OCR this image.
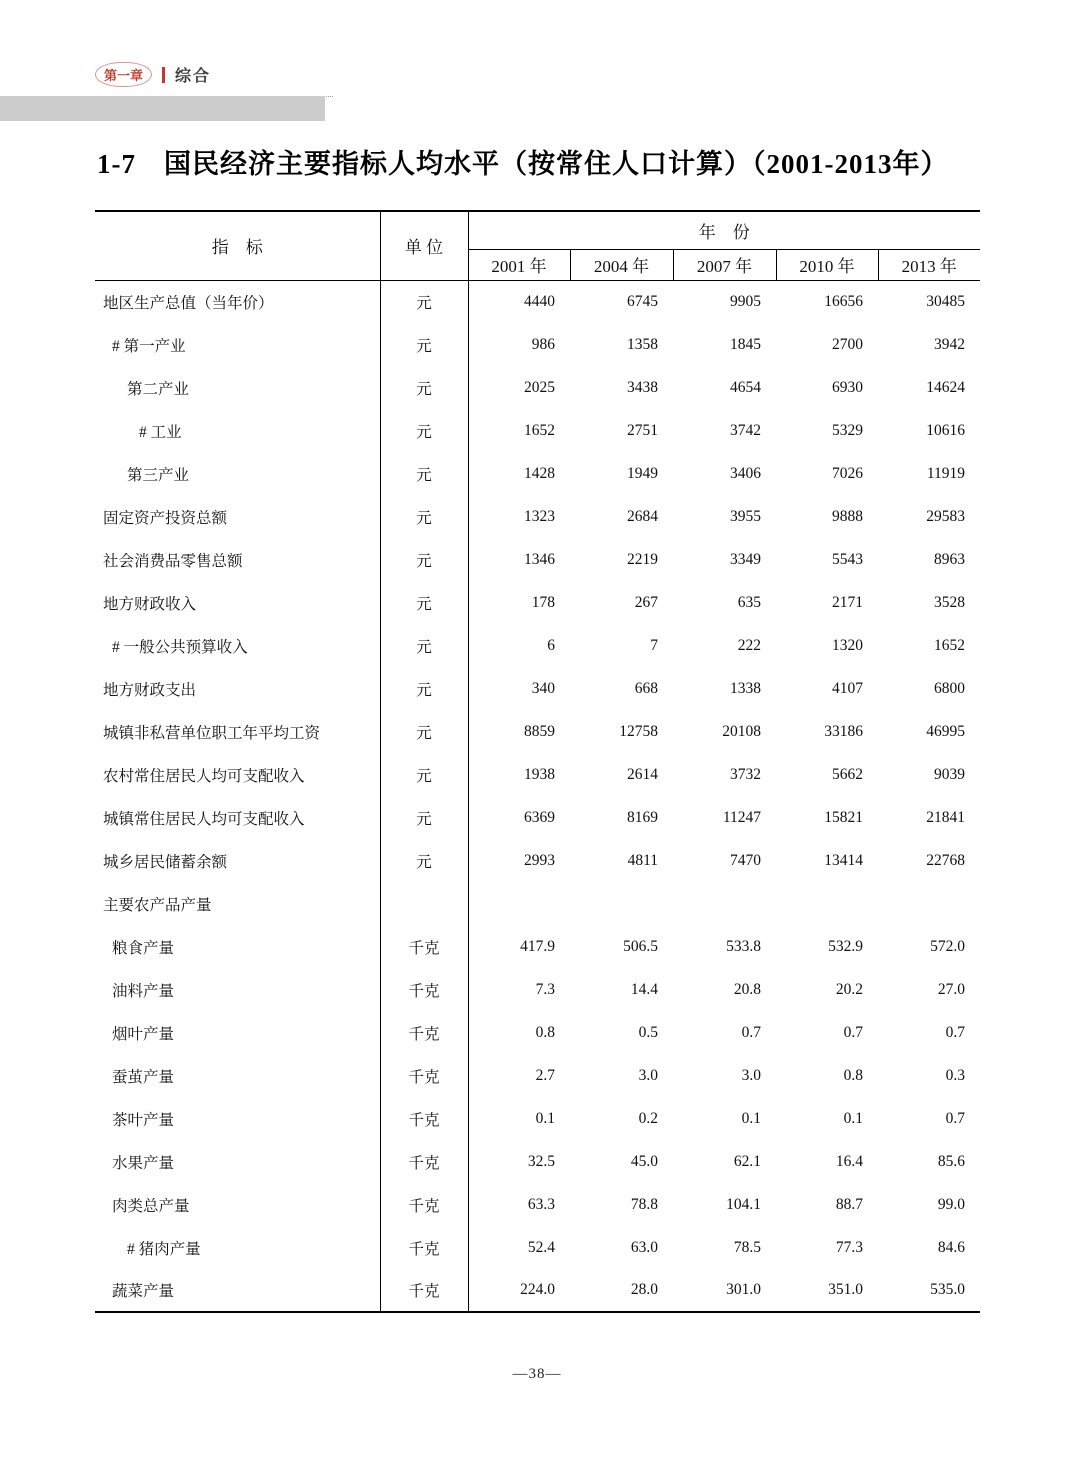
第一章	综合
1-7　国民经济主要指标人均水平（按常住人口计算）（2001-2013年）
指　标	单 位	年　份				
		2001 年	2004 年	2007 年	2010 年	2013 年
地区生产总值（当年价）	元	4440	6745	9905	16656	30485
# 第一产业	元	986	1358	1845	2700	3942
第二产业	元	2025	3438	4654	6930	14624
# 工业	元	1652	2751	3742	5329	10616
第三产业	元	1428	1949	3406	7026	11919
固定资产投资总额	元	1323	2684	3955	9888	29583
社会消费品零售总额	元	1346	2219	3349	5543	8963
地方财政收入	元	178	267	635	2171	3528
# 一般公共预算收入	元	6	7	222	1320	1652
地方财政支出	元	340	668	1338	4107	6800
城镇非私营单位职工年平均工资	元	8859	12758	20108	33186	46995
农村常住居民人均可支配收入	元	1938	2614	3732	5662	9039
城镇常住居民人均可支配收入	元	6369	8169	11247	15821	21841
城乡居民储蓄余额	元	2993	4811	7470	13414	22768
主要农产品产量						
粮食产量	千克	417.9	506.5	533.8	532.9	572.0
油料产量	千克	7.3	14.4	20.8	20.2	27.0
烟叶产量	千克	0.8	0.5	0.7	0.7	0.7
蚕茧产量	千克	2.7	3.0	3.0	0.8	0.3
茶叶产量	千克	0.1	0.2	0.1	0.1	0.7
水果产量	千克	32.5	45.0	62.1	16.4	85.6
肉类总产量	千克	63.3	78.8	104.1	88.7	99.0
# 猪肉产量	千克	52.4	63.0	78.5	77.3	84.6
蔬菜产量	千克	224.0	28.0	301.0	351.0	535.0
—38—
